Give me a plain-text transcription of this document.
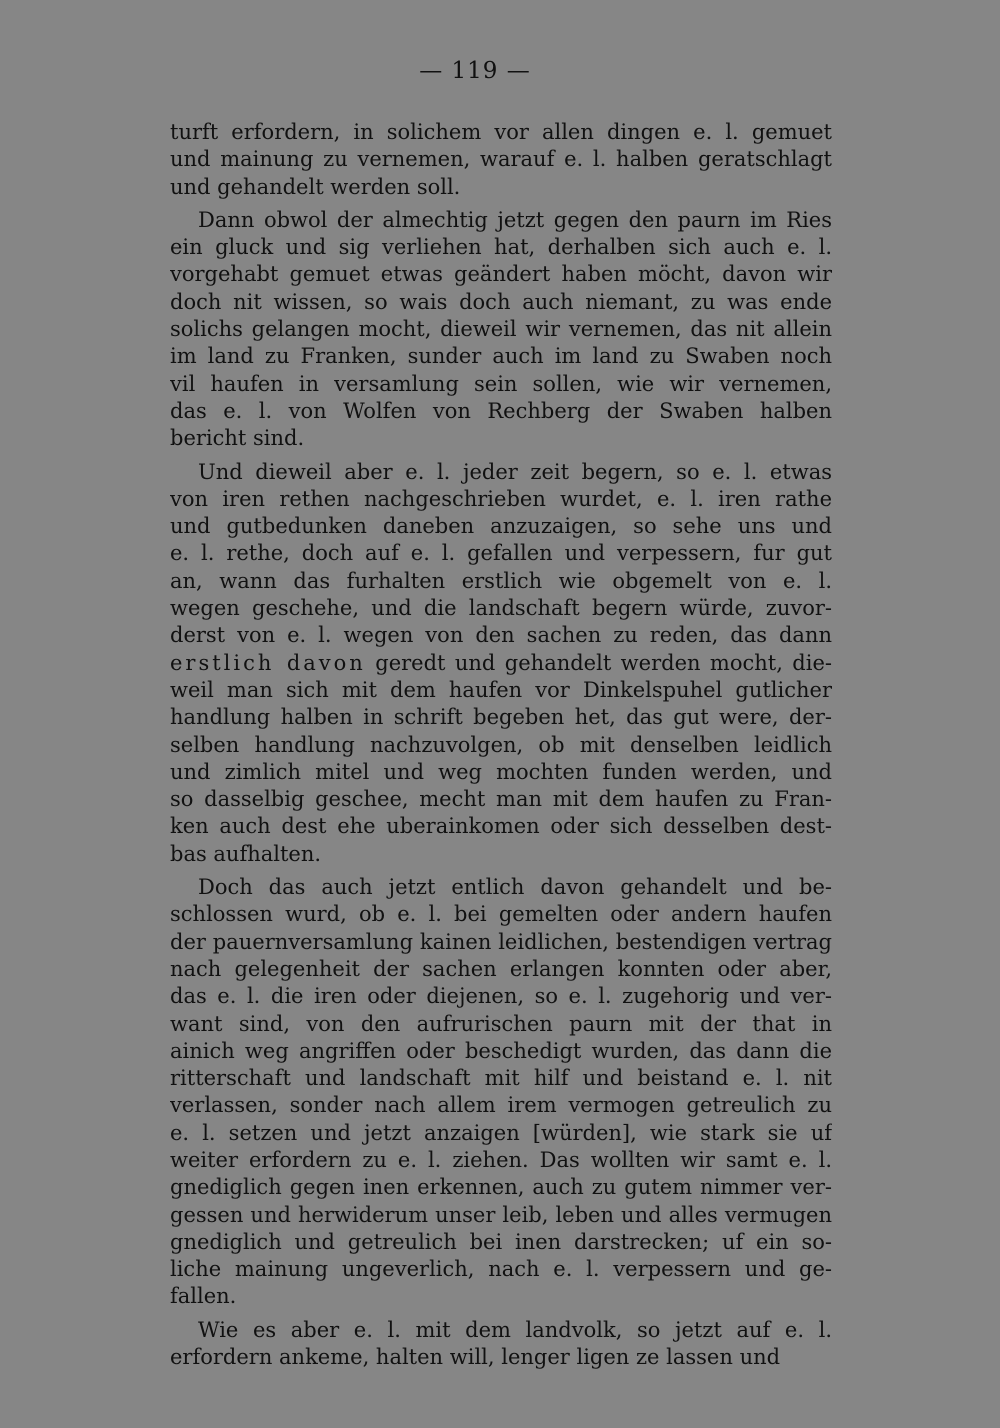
— 119 —
turft erfordern, in solichem vor allen dingen e. l. gemuet
und mainung zu vernemen, warauf e. l. halben geratschlagt
und gehandelt werden soll.
Dann obwol der almechtig jetzt gegen den paurn im Ries
ein gluck und sig verliehen hat, derhalben sich auch e. l.
vorgehabt gemuet etwas geändert haben möcht, davon wir
doch nit wissen, so wais doch auch niemant, zu was ende
solichs gelangen mocht, dieweil wir vernemen, das nit allein
im land zu Franken, sunder auch im land zu Swaben noch
vil haufen in versamlung sein sollen, wie wir vernemen,
das e. l. von Wolfen von Rechberg der Swaben halben
bericht sind.
Und dieweil aber e. l. jeder zeit begern, so e. l. etwas
von iren rethen nachgeschrieben wurdet, e. l. iren rathe
und gutbedunken daneben anzuzaigen, so sehe uns und
e. l. rethe, doch auf e. l. gefallen und verpessern, fur gut
an, wann das furhalten erstlich wie obgemelt von e. l.
wegen geschehe, und die landschaft begern würde, zuvor-
derst von e. l. wegen von den sachen zu reden, das dann
erstlich davon geredt und gehandelt werden mocht, die-
weil man sich mit dem haufen vor Dinkelspuhel gutlicher
handlung halben in schrift begeben het, das gut were, der-
selben handlung nachzuvolgen, ob mit denselben leidlich
und zimlich mitel und weg mochten funden werden, und
so dasselbig geschee, mecht man mit dem haufen zu Fran-
ken auch dest ehe uberainkomen oder sich desselben dest-
bas aufhalten.
Doch das auch jetzt entlich davon gehandelt und be-
schlossen wurd, ob e. l. bei gemelten oder andern haufen
der pauernversamlung kainen leidlichen, bestendigen vertrag
nach gelegenheit der sachen erlangen konnten oder aber,
das e. l. die iren oder diejenen, so e. l. zugehorig und ver-
want sind, von den aufrurischen paurn mit der that in
ainich weg angriffen oder beschedigt wurden, das dann die
ritterschaft und landschaft mit hilf und beistand e. l. nit
verlassen, sonder nach allem irem vermogen getreulich zu
e. l. setzen und jetzt anzaigen [würden], wie stark sie uf
weiter erfordern zu e. l. ziehen. Das wollten wir samt e. l.
gnediglich gegen inen erkennen, auch zu gutem nimmer ver-
gessen und herwiderum unser leib, leben und alles vermugen
gnediglich und getreulich bei inen darstrecken; uf ein so-
liche mainung ungeverlich, nach e. l. verpessern und ge-
fallen.
Wie es aber e. l. mit dem landvolk, so jetzt auf e. l.
erfordern ankeme, halten will, lenger ligen ze lassen und
